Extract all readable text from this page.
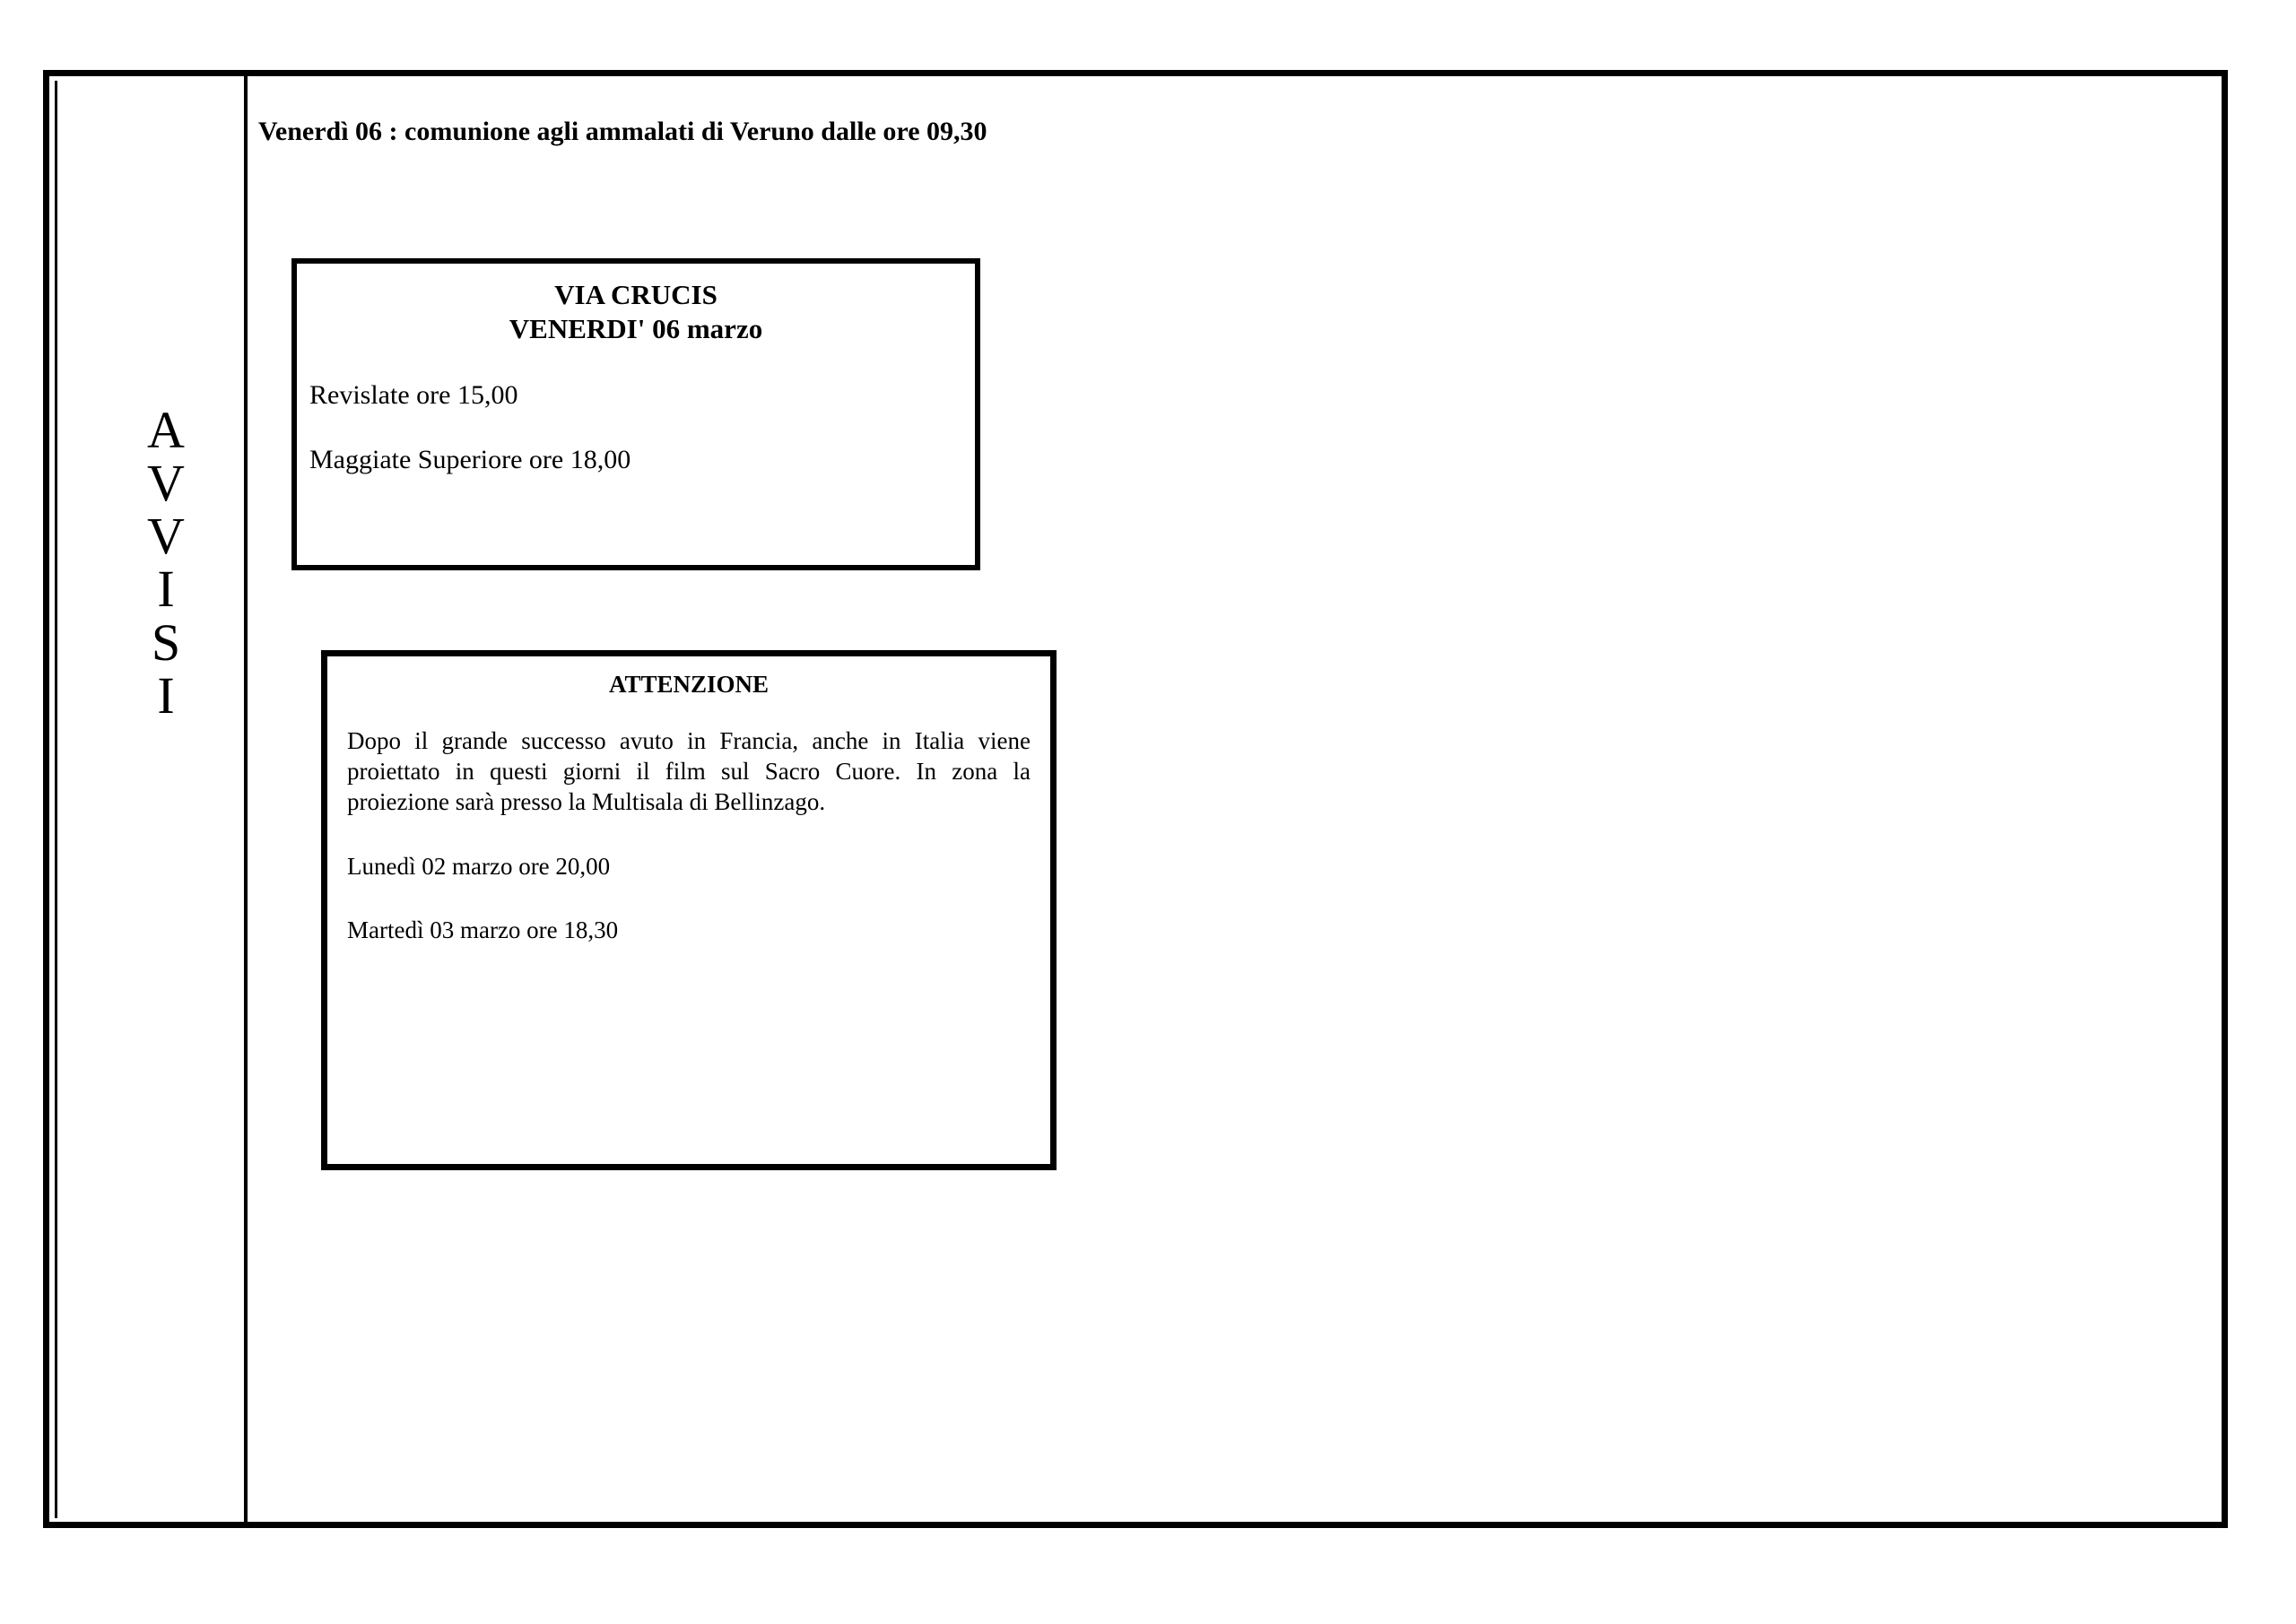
A
V
V
I
S
I
Venerdì 06 : comunione agli ammalati di Veruno dalle ore 09,30
VIA CRUCIS
VENERDI' 06 marzo
Revislate ore 15,00
Maggiate Superiore ore 18,00
ATTENZIONE
Dopo il grande successo avuto in Francia, anche in Italia viene proiettato in questi giorni il film sul Sacro Cuore. In zona la proiezione sarà presso la Multisala di Bellinzago.
Lunedì 02 marzo ore 20,00
Martedì 03 marzo ore 18,30
